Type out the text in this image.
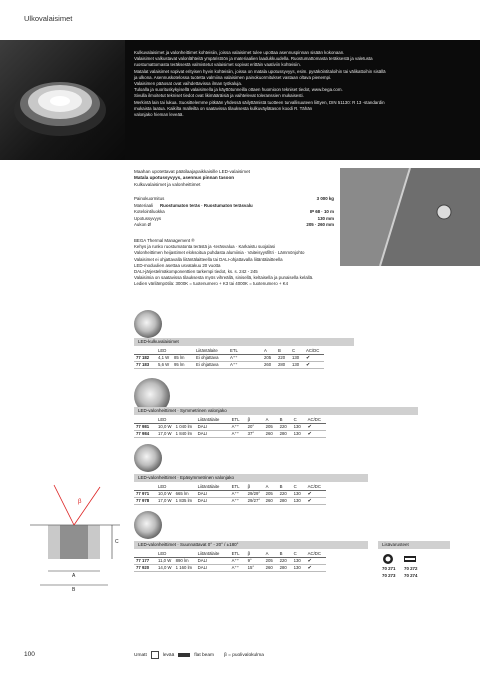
Ulkovalaisimet

Kulkuvalaisimet ja valonheittimet kohteisiin, joissa valaisimet tulee upottaa asennuspinnan sisään kokonaan.

Valaisimet valkustavat valonlähteitä ympäristöön ja materiaalien laadukkuudella. Ruostumattomasta teräksestä ja valetusta

ruostumattomasta teräksestä valmistetut valaisimet sopivat erittäin vaativiin kohteisiin.

Matalat valaisimet sopivat erityisen hyvin kohteisiin, joissa on matala upotussyvyys, esim. pysäköintitaloihin tai välikattoihin sisällä

ja ulkona. Asennuskotelossa tuotetta valmiina valaisimen painokuormitukset vastaan oltava pienempi.

Valaisimen pääosat ovat vaihdettavissa ilman työkaluja.

Tuloalla ja suorituskykyisellä valaisimella ja käyttötunneilla ottaen huomioon tekniset tiedot, www.bega.com.

Sivulla ilmoitetut tekniset tiedot ovat likimääräisiä ja vaihtelevat toleranssien mukaisesti.

Merkintä lain tai lukua. Suosittelemme pitkään yhdessä säilyttämistä tuotteen turvallisuuteen liittyen, DIN 51130: R 13 -standardin

mukaista laatua. Kaikilta malleilta on saatavissa tilauksesta kulkuväylätason koodi R. Tähän

valonjako hieman leveää.

Maahan upotettavat päätilaajapaikkaisille LED-valaisimet

Matala upotussyvyys, asennus pinnan tasoon

Kulkuvalaisimet ja valonheittimet

Painokuormitus	3 000 kg
Materiaali Ruostumaton teräs · Ruostumaton teräsvalu
Kotelointiluokka	IP 68 · 10 m
Upotussyvyys	130 mm
Aukon Ø	205 · 260 mm

BEGA Thermal Management ®

Kehys ja runko ruostumatonta terästä ja -teräsvalua · Karkaistu suojalasi

Valonheittimen heijastimet eloksoitua puhdasta alumiinia · Vaiteisyysfiltri · Lämmönjohto

Valaisimet ei ohjattavalla liitäntälaitteella tai DALI-ohjattavalla liitäntälaitteella

LED-moduulien asettaa usvatakuu 20 vuotta

DALI-järjestelmäkomponenttien tarkempi tiedot, ks. s. 242 - 245

Valaisimia on saatavissa tilauksesta myös vihreällä, sinisellä, keltaisella ja punaisella kelallä.

Ledien värilämpötila: 3000K = tuotenumero + K3 tai 4000K = tuotenumero + K4

LED-kulkuvalaisimet
	LED		Liitäntälaite	ETL		A	B	C	AC/DC
77 182	4,1 W	85 lm	Ei ohjattava	A⁺⁺		205	220	130	✔
77 183	5,6 W	95 lm	Ei ohjattava	A⁺⁺		260	280	130	✔
LED-valonheittimet · Symmetrinen valonjako
	LED		Liitäntälaite	ETL	β	A	B	C	AC/DC
77 981	10,0 W	1 040 lm	DALI	A⁺⁺	20°	205	220	130	✔
77 984	17,0 W	1 840 lm	DALI	A⁺⁺	37°	260	280	130	✔
LED-valonheittimet · Epäsymmetrinen valonjako
	LED		Liitäntälaite	ETL	β	A	B	C	AC/DC
77 971	10,0 W	665 lm	DALI	A⁺⁺	29/29°	205	220	130	✔
77 978	17,0 W	1 835 lm	DALI	A⁺⁺	29/27°	260	280	130	✔
A
B
C
β
LED-valonheittimet · Suunnattavat 0° - 20° / ±180°
	LED		Liitäntälaite	ETL	β	A	B	C	AC/DC
77 177	11,0 W	890 lm	DALI	A⁺⁺	9°	205	220	130	✔
77 920	14,0 W	1 160 lm	DALI	A⁺⁺	15°	260	280	130	✔
Lisävarusteet
70 271 70 272
70 273 70 274
100	Umatt	levää	flat beam β = puolivalokulma
